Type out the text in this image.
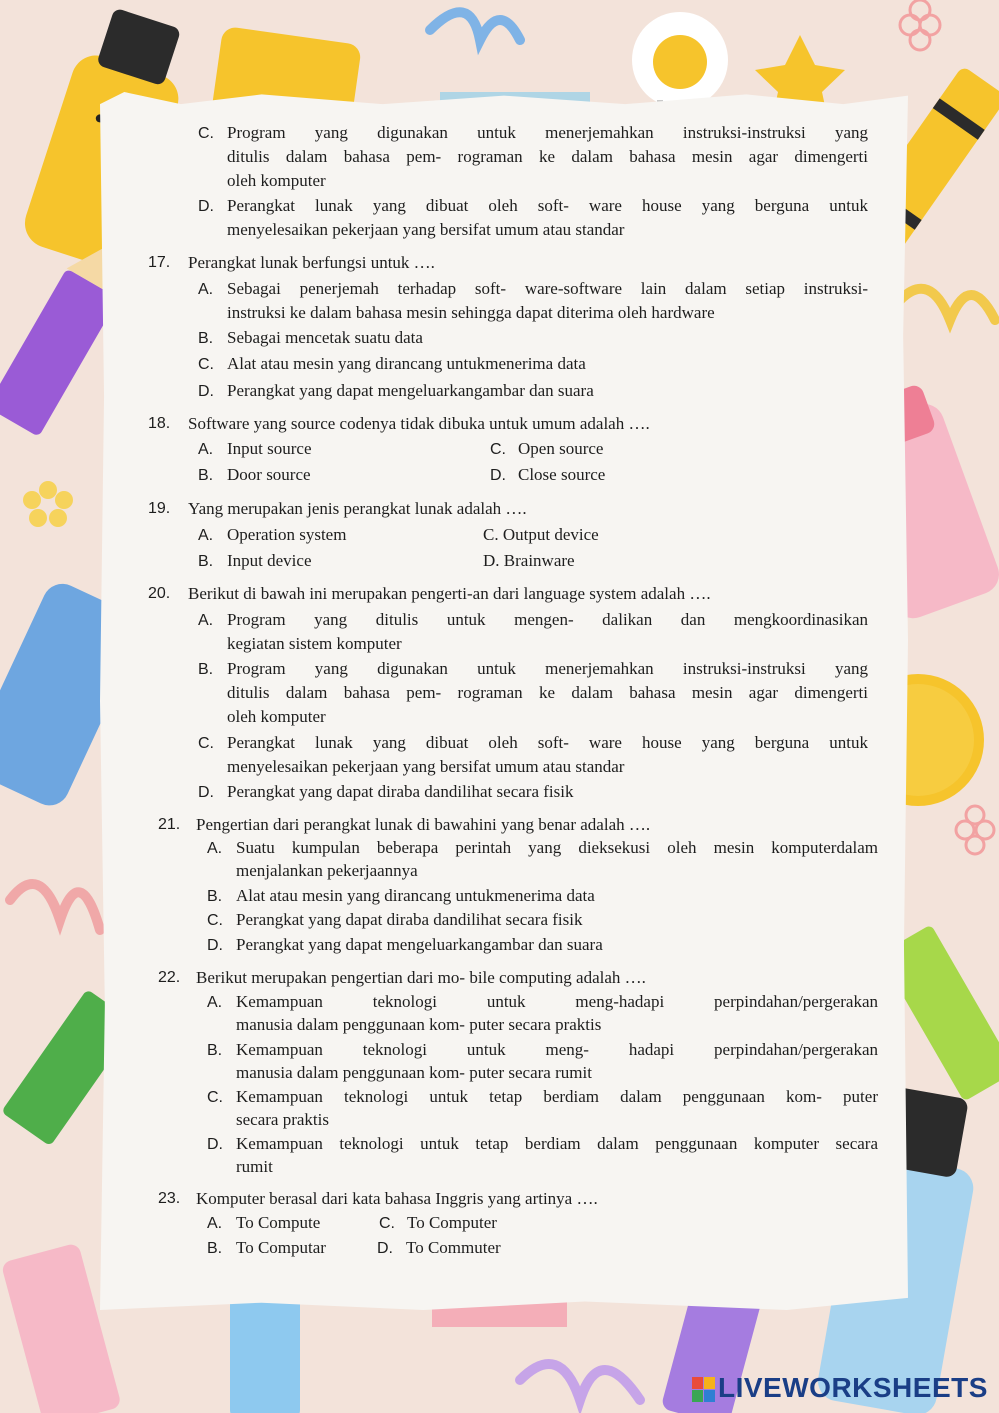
C. Program yang digunakan untuk menerjemahkan instruksi-instruksi yang
ditulis dalam bahasa pem- rograman ke dalam bahasa mesin agar dimengerti
oleh komputer
D. Perangkat lunak yang dibuat oleh soft- ware house yang berguna untuk
menyelesaikan pekerjaan yang bersifat umum atau standar
17. Perangkat lunak berfungsi untuk ….
A. Sebagai penerjemah terhadap soft- ware-software lain dalam setiap instruksi-
instruksi ke dalam bahasa mesin sehingga dapat diterima oleh hardware
B. Sebagai mencetak suatu data
C. Alat atau mesin yang dirancang untukmenerima data
D. Perangkat yang dapat mengeluarkangambar dan suara
18. Software yang source codenya tidak dibuka untuk umum adalah ….
A. Input source	C. Open source
B. Door source	D. Close source
19. Yang merupakan jenis perangkat lunak adalah ….
A. Operation system	C. Output device
B. Input device	D. Brainware
20. Berikut di bawah ini merupakan pengerti-an dari language system adalah ….
A. Program yang ditulis untuk mengen- dalikan dan mengkoordinasikan
kegiatan sistem komputer
B. Program yang digunakan untuk menerjemahkan instruksi-instruksi yang
ditulis dalam bahasa pem- rograman ke dalam bahasa mesin agar dimengerti
oleh komputer
C. Perangkat lunak yang dibuat oleh soft- ware house yang berguna untuk
menyelesaikan pekerjaan yang bersifat umum atau standar
D. Perangkat yang dapat diraba dandilihat secara fisik
21. Pengertian dari perangkat lunak di bawahini yang benar adalah ….
A. Suatu kumpulan beberapa perintah yang dieksekusi oleh mesin komputerdalam
menjalankan pekerjaannya
B. Alat atau mesin yang dirancang untukmenerima data
C. Perangkat yang dapat diraba dandilihat secara fisik
D. Perangkat yang dapat mengeluarkangambar dan suara
22. Berikut merupakan pengertian dari mo- bile computing adalah ….
A. Kemampuan teknologi untuk meng-hadapi perpindahan/pergerakan
manusia dalam penggunaan kom- puter secara praktis
B. Kemampuan teknologi untuk meng- hadapi perpindahan/pergerakan
manusia dalam penggunaan kom- puter secara rumit
C. Kemampuan teknologi untuk tetap berdiam dalam penggunaan kom- puter
secara praktis
D. Kemampuan teknologi untuk tetap berdiam dalam penggunaan komputer secara
rumit
23. Komputer berasal dari kata bahasa Inggris yang artinya ….
A. To Compute	C. To Computer
B. To Computar	D. To Commuter
LIVEWORKSHEETS
